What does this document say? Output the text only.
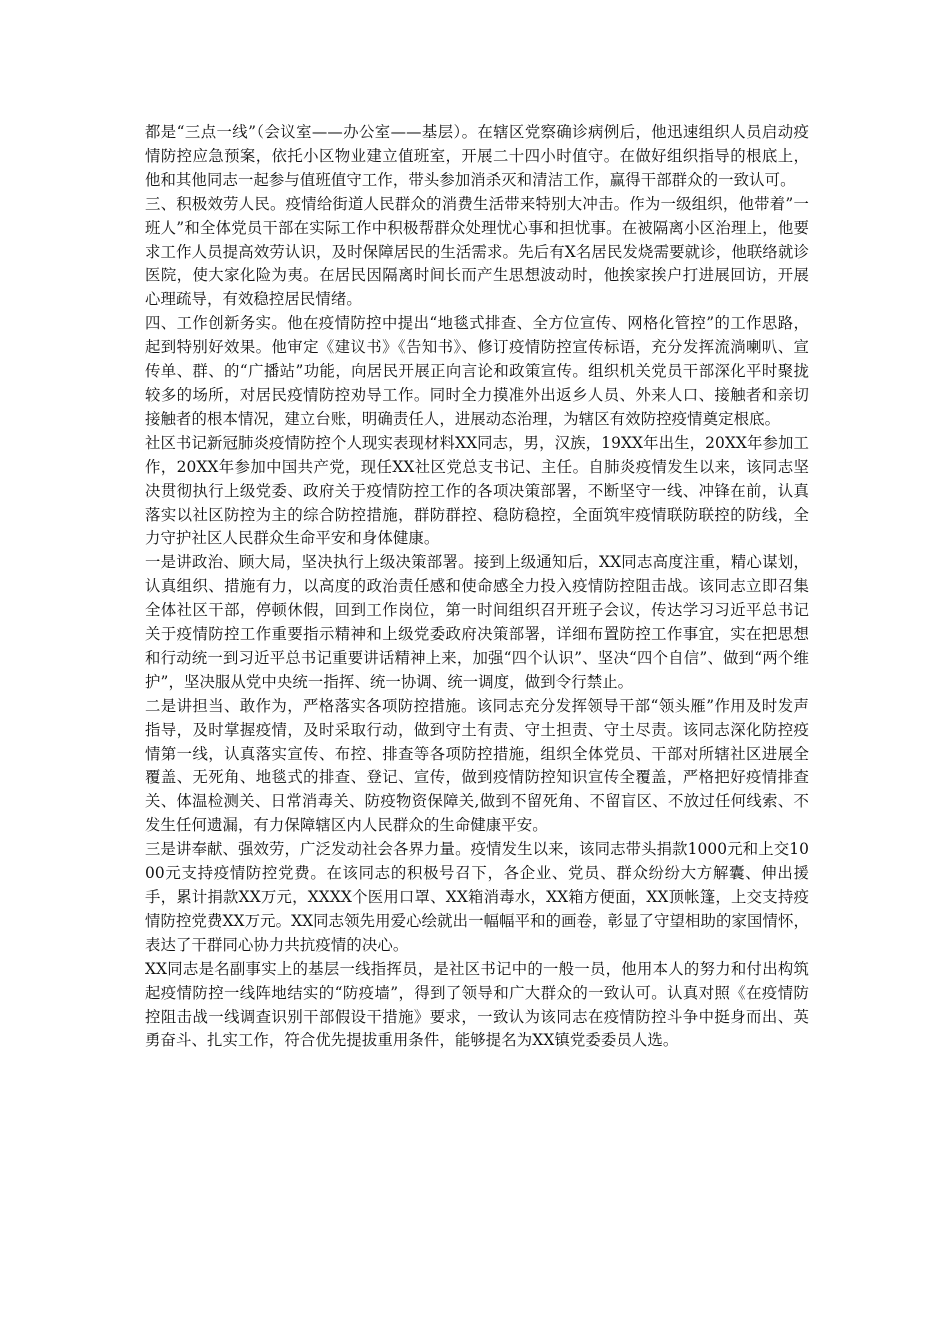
都是“三点一线”（会议室——办公室——基层）。在辖区党察确诊病例后，他迅速组织人员启动疫情防控应急预案，依托小区物业建立值班室，开展二十四小时值守。在做好组织指导的根底上，他和其他同志一起参与值班值守工作，带头参加消杀灭和清洁工作，赢得干部群众的一致认可。

三、积极效劳人民。疫情给街道人民群众的消费生活带来特别大冲击。作为一级组织，他带着”一班人”和全体党员干部在实际工作中积极帮群众处理忧心事和担忧事。在被隔离小区治理上，他要求工作人员提高效劳认识，及时保障居民的生活需求。先后有X名居民发烧需要就诊，他联络就诊医院，使大家化险为夷。在居民因隔离时间长而产生思想波动时，他挨家挨户打进展回访，开展心理疏导，有效稳控居民情绪。

四、工作创新务实。他在疫情防控中提出“地毯式排查、全方位宣传、网格化管控”的工作思路，起到特别好效果。他审定《建议书》《告知书》、修订疫情防控宣传标语，充分发挥流淌喇叭、宣传单、群、的“广播站”功能，向居民开展正向言论和政策宣传。组织机关党员干部深化平时聚拢较多的场所，对居民疫情防控劝导工作。同时全力摸准外出返乡人员、外来人口、接触者和亲切接触者的根本情况，建立台账，明确责任人，进展动态治理，为辖区有效防控疫情奠定根底。

社区书记新冠肺炎疫情防控个人现实表现材料XX同志，男，汉族，19XX年出生，20XX年参加工作，20XX年参加中国共产党，现任XX社区党总支书记、主任。自肺炎疫情发生以来，该同志坚决贯彻执行上级党委、政府关于疫情防控工作的各项决策部署，不断坚守一线、冲锋在前，认真落实以社区防控为主的综合防控措施，群防群控、稳防稳控，全面筑牢疫情联防联控的防线，全力守护社区人民群众生命平安和身体健康。

一是讲政治、顾大局，坚决执行上级决策部署。接到上级通知后，XX同志高度注重，精心谋划，认真组织、措施有力，以高度的政治责任感和使命感全力投入疫情防控阻击战。该同志立即召集全体社区干部，停顿休假，回到工作岗位，第一时间组织召开班子会议，传达学习习近平总书记关于疫情防控工作重要指示精神和上级党委政府决策部署，详细布置防控工作事宜，实在把思想和行动统一到习近平总书记重要讲话精神上来，加强“四个认识”、坚决“四个自信”、做到“两个维护”，坚决服从党中央统一指挥、统一协调、统一调度，做到令行禁止。

二是讲担当、敢作为，严格落实各项防控措施。该同志充分发挥领导干部“领头雁”作用及时发声指导，及时掌握疫情，及时采取行动，做到守土有责、守土担责、守土尽责。该同志深化防控疫情第一线，认真落实宣传、布控、排查等各项防控措施，组织全体党员、干部对所辖社区进展全覆盖、无死角、地毯式的排查、登记、宣传，做到疫情防控知识宣传全覆盖，严格把好疫情排查关、体温检测关、日常消毒关、防疫物资保障关,做到不留死角、不留盲区、不放过任何线索、不发生任何遗漏，有力保障辖区内人民群众的生命健康平安。

三是讲奉献、强效劳，广泛发动社会各界力量。疫情发生以来，该同志带头捐款1000元和上交1000元支持疫情防控党费。在该同志的积极号召下，各企业、党员、群众纷纷大方解囊、伸出援手，累计捐款XX万元，XXXX个医用口罩、XX箱消毒水，XX箱方便面，XX顶帐篷，上交支持疫情防控党费XX万元。XX同志领先用爱心绘就出一幅幅平和的画卷，彰显了守望相助的家国情怀，表达了干群同心协力共抗疫情的决心。

XX同志是名副事实上的基层一线指挥员，是社区书记中的一般一员，他用本人的努力和付出构筑起疫情防控一线阵地结实的“防疫墙”，得到了领导和广大群众的一致认可。认真对照《在疫情防控阻击战一线调查识别干部假设干措施》要求，一致认为该同志在疫情防控斗争中挺身而出、英勇奋斗、扎实工作，符合优先提拔重用条件，能够提名为XX镇党委委员人选。
